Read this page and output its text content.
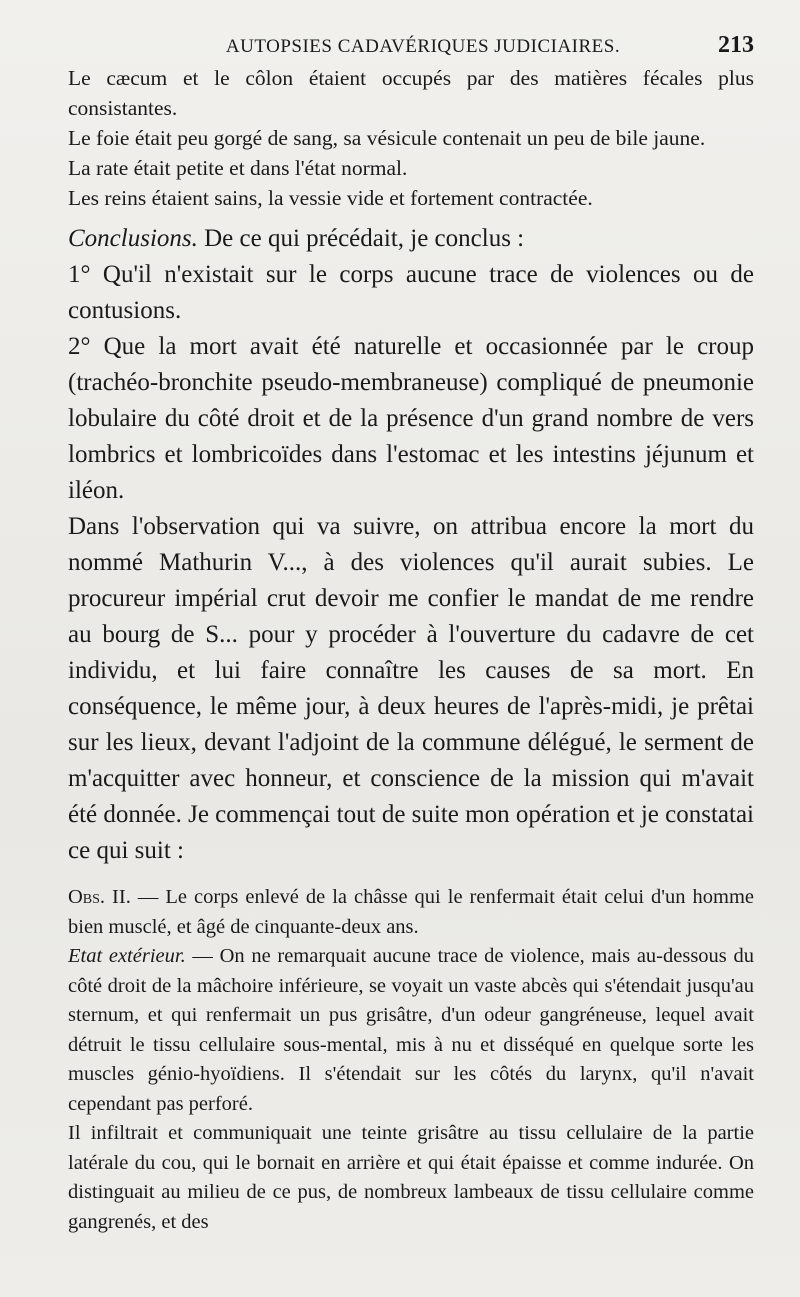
AUTOPSIES CADAVÉRIQUES JUDICIAIRES.	213

Le cæcum et le côlon étaient occupés par des matières fécales plus consistantes.

Le foie était peu gorgé de sang, sa vésicule contenait un peu de bile jaune.

La rate était petite et dans l'état normal.

Les reins étaient sains, la vessie vide et fortement contractée.

Conclusions. De ce qui précédait, je conclus :

1° Qu'il n'existait sur le corps aucune trace de violences ou de contusions.

2° Que la mort avait été naturelle et occasionnée par le croup (trachéo-bronchite pseudo-membraneuse) compliqué de pneumonie lobulaire du côté droit et de la présence d'un grand nombre de vers lombrics et lombricoïdes dans l'estomac et les intestins jéjunum et iléon.

Dans l'observation qui va suivre, on attribua encore la mort du nommé Mathurin V..., à des violences qu'il aurait subies. Le procureur impérial crut devoir me confier le mandat de me rendre au bourg de S... pour y procéder à l'ouverture du cadavre de cet individu, et lui faire connaître les causes de sa mort. En conséquence, le même jour, à deux heures de l'après-midi, je prêtai sur les lieux, devant l'adjoint de la commune délégué, le serment de m'acquitter avec honneur, et conscience de la mission qui m'avait été donnée. Je commençai tout de suite mon opération et je constatai ce qui suit :

Obs. II. — Le corps enlevé de la châsse qui le renfermait était celui d'un homme bien musclé, et âgé de cinquante-deux ans.

Etat extérieur. — On ne remarquait aucune trace de violence, mais au-dessous du côté droit de la mâchoire inférieure, se voyait un vaste abcès qui s'étendait jusqu'au sternum, et qui renfermait un pus grisâtre, d'un odeur gangréneuse, lequel avait détruit le tissu cellulaire sous-mental, mis à nu et disséqué en quelque sorte les muscles génio-hyoïdiens. Il s'étendait sur les côtés du larynx, qu'il n'avait cependant pas perforé.

Il infiltrait et communiquait une teinte grisâtre au tissu cellulaire de la partie latérale du cou, qui le bornait en arrière et qui était épaisse et comme indurée. On distinguait au milieu de ce pus, de nombreux lambeaux de tissu cellulaire comme gangrenés, et des
